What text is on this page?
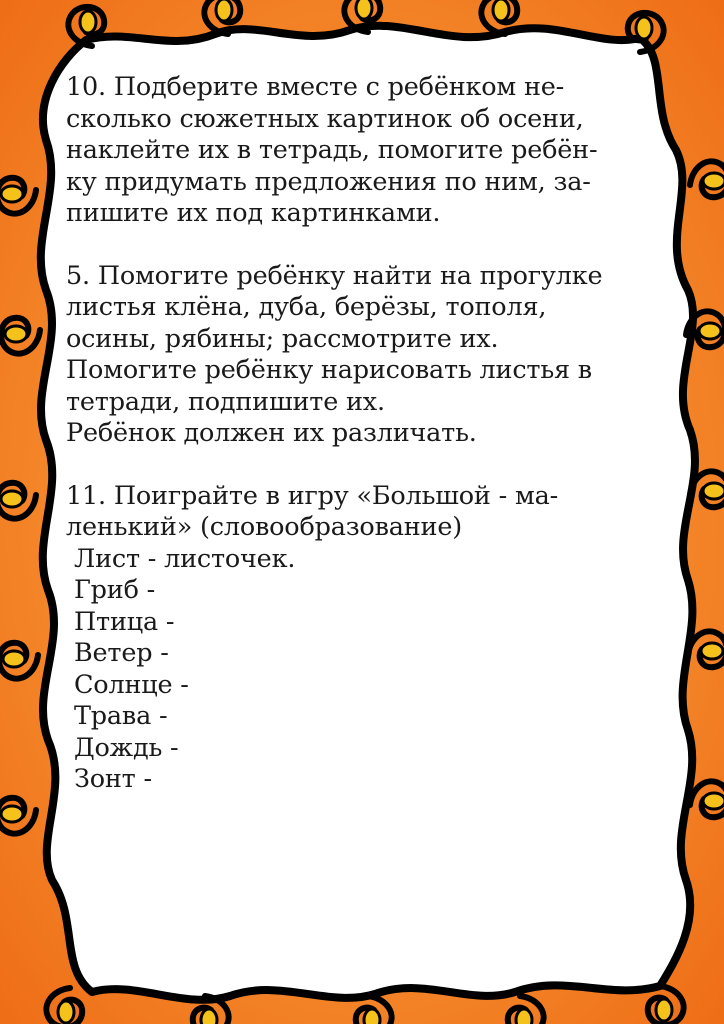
10. Подберите вместе с ребёнком не-

сколько сюжетных картинок об осени,

наклейте их в тетрадь, помогите ребён-

ку придумать предложения по ним, за-

пишите их под картинками.

5. Помогите ребёнку найти на прогулке

листья клёна, дуба, берёзы, тополя,

осины, рябины; рассмотрите их.

Помогите ребёнку нарисовать листья в

тетради, подпишите их.

Ребёнок должен их различать.

11. Поиграйте в игру «Большой - ма-

ленький» (словообразование)

Лист - листочек.

Гриб -

Птица -

Ветер -

Солнце -

Трава -

Дождь -

Зонт -
